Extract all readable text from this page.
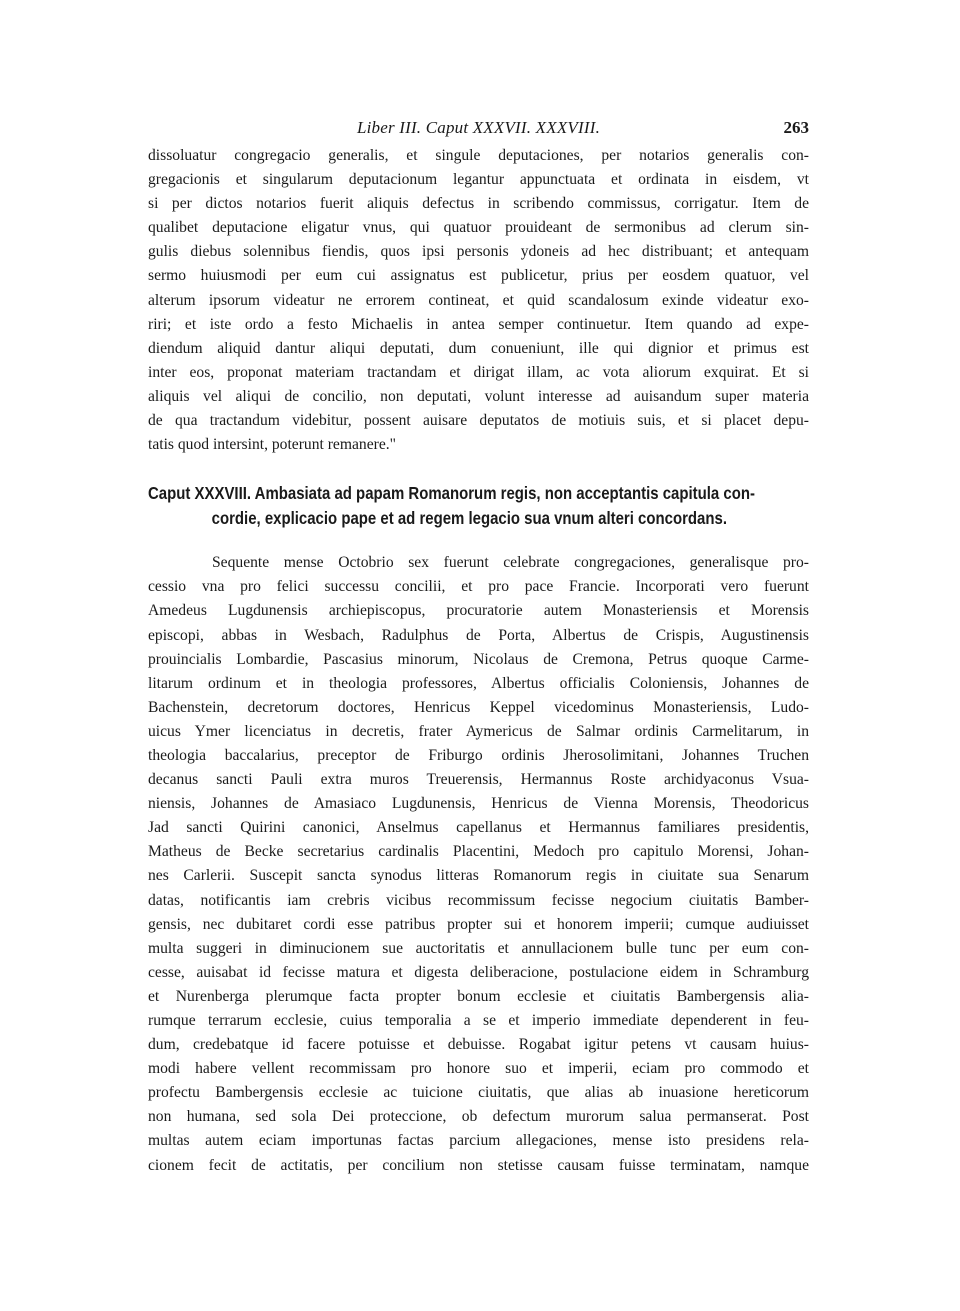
Liber III. Caput XXXVII. XXXVIII.	263

dissoluatur congregacio generalis, et singule deputaciones, per notarios generalis con-
gregacionis et singularum deputacionum legantur appunctuata et ordinata in eisdem, vt
si per dictos notarios fuerit aliquis defectus in scribendo commissus, corrigatur. Item de
qualibet deputacione eligatur vnus, qui quatuor prouideant de sermonibus ad clerum sin-
gulis diebus solennibus fiendis, quos ipsi personis ydoneis ad hec distribuant; et antequam
sermo huiusmodi per eum cui assignatus est publicetur, prius per eosdem quatuor, vel
alterum ipsorum videatur ne errorem contineat, et quid scandalosum exinde videatur exo-
riri; et iste ordo a festo Michaelis in antea semper continuetur. Item quando ad expe-
diendum aliquid dantur aliqui deputati, dum conueniunt, ille qui dignior et primus est
inter eos, proponat materiam tractandam et dirigat illam, ac vota aliorum exquirat. Et si
aliquis vel aliqui de concilio, non deputati, volunt interesse ad auisandum super materia
de qua tractandum videbitur, possent auisare deputatos de motiuis suis, et si placet depu-
tatis quod intersint, poterunt remanere."

Caput XXXVIII. Ambasiata ad papam Romanorum regis, non acceptantis capitula con-
cordie, explicacio pape et ad regem legacio sua vnum alteri concordans.

Sequente mense Octobrio sex fuerunt celebrate congregaciones, generalisque pro-
cessio vna pro felici successu concilii, et pro pace Francie. Incorporati vero fuerunt
Amedeus Lugdunensis archiepiscopus, procuratorie autem Monasteriensis et Morensis
episcopi, abbas in Wesbach, Radulphus de Porta, Albertus de Crispis, Augustinensis
prouincialis Lombardie, Pascasius minorum, Nicolaus de Cremona, Petrus quoque Carme-
litarum ordinum et in theologia professores, Albertus officialis Coloniensis, Johannes de
Bachenstein, decretorum doctores, Henricus Keppel vicedominus Monasteriensis, Ludo-
uicus Ymer licenciatus in decretis, frater Aymericus de Salmar ordinis Carmelitarum, in
theologia baccalarius, preceptor de Friburgo ordinis Jherosolimitani, Johannes Truchen
decanus sancti Pauli extra muros Treuerensis, Hermannus Roste archidyaconus Vsua-
niensis, Johannes de Amasiaco Lugdunensis, Henricus de Vienna Morensis, Theodoricus
Jad sancti Quirini canonici, Anselmus capellanus et Hermannus familiares presidentis,
Matheus de Becke secretarius cardinalis Placentini, Medoch pro capitulo Morensi, Johan-
nes Carlerii. Suscepit sancta synodus litteras Romanorum regis in ciuitate sua Senarum
datas, notificantis iam crebris vicibus recommissum fecisse negocium ciuitatis Bamber-
gensis, nec dubitaret cordi esse patribus propter sui et honorem imperii; cumque audiuisset
multa suggeri in diminucionem sue auctoritatis et annullacionem bulle tunc per eum con-
cesse, auisabat id fecisse matura et digesta deliberacione, postulacione eidem in Schramburg
et Nurenberga plerumque facta propter bonum ecclesie et ciuitatis Bambergensis alia-
rumque terrarum ecclesie, cuius temporalia a se et imperio immediate dependerent in feu-
dum, credebatque id facere potuisse et debuisse. Rogabat igitur petens vt causam huius-
modi habere vellent recommissam pro honore suo et imperii, eciam pro commodo et
profectu Bambergensis ecclesie ac tuicione ciuitatis, que alias ab inuasione hereticorum
non humana, sed sola Dei proteccione, ob defectum murorum salua permanserat. Post
multas autem eciam importunas factas parcium allegaciones, mense isto presidens rela-
cionem fecit de actitatis, per concilium non stetisse causam fuisse terminatam, namque
